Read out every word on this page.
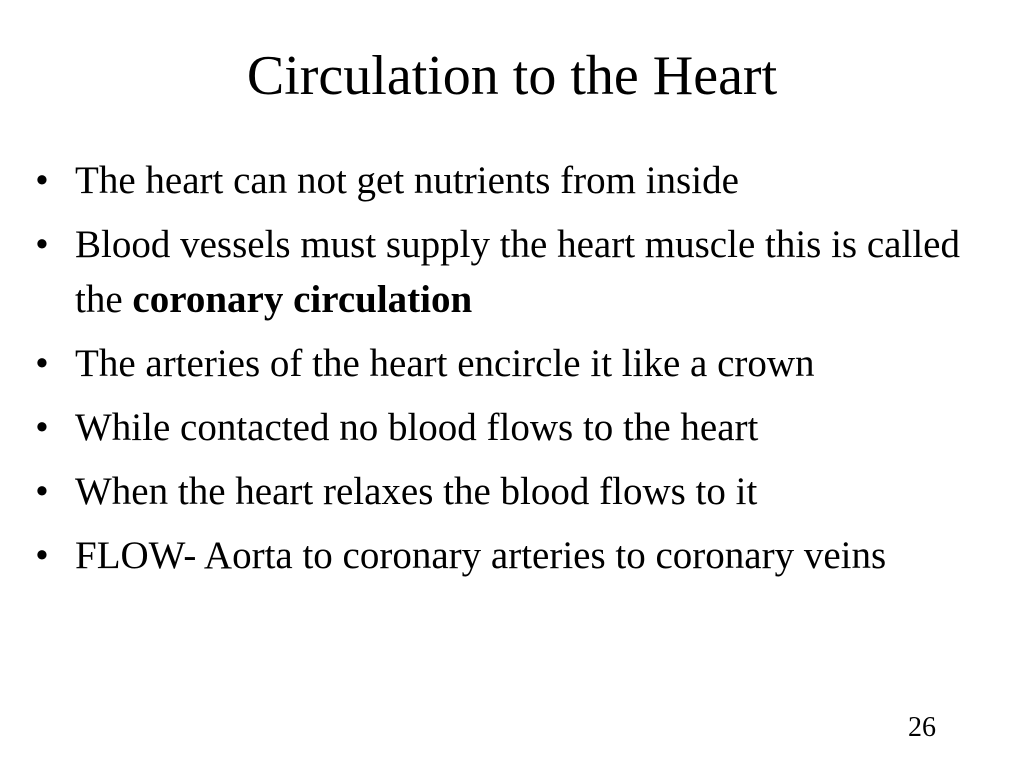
Circulation to the Heart
• The heart can not get nutrients from inside
• Blood vessels must supply the heart muscle this is called the coronary circulation
• The arteries of the heart encircle it like a crown
• While contacted no blood flows to the heart
• When the heart relaxes the blood flows to it
• FLOW- Aorta to coronary arteries to coronary veins
26
